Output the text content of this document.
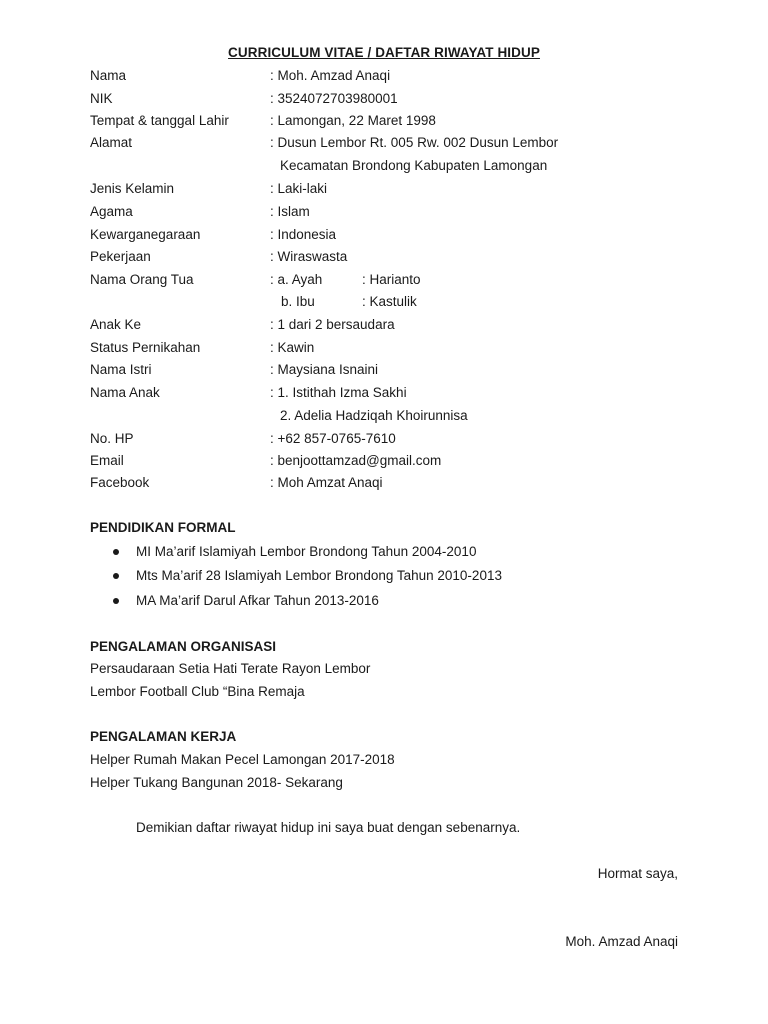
CURRICULUM VITAE / DAFTAR RIWAYAT HIDUP
Nama	: Moh. Amzad Anaqi
NIK	: 3524072703980001
Tempat & tanggal Lahir	: Lamongan, 22 Maret 1998
Alamat	: Dusun Lembor Rt. 005 Rw. 002 Dusun Lembor
Kecamatan Brondong Kabupaten Lamongan
Jenis Kelamin	: Laki-laki
Agama	: Islam
Kewarganegaraan	: Indonesia
Pekerjaan	: Wiraswasta
Nama Orang Tua	: a. Ayah	: Harianto
b. Ibu	: Kastulik
Anak Ke	: 1 dari 2 bersaudara
Status Pernikahan	: Kawin
Nama Istri	: Maysiana Isnaini
Nama Anak	: 1. Istithah Izma Sakhi
2. Adelia Hadziqah Khoirunnisa
No. HP	: +62 857-0765-7610
Email	: benjoottamzad@gmail.com
Facebook	: Moh Amzat Anaqi
PENDIDIKAN FORMAL
MI Ma’arif Islamiyah Lembor Brondong Tahun 2004-2010
Mts Ma’arif 28 Islamiyah Lembor Brondong Tahun 2010-2013
MA Ma’arif Darul Afkar Tahun 2013-2016
PENGALAMAN ORGANISASI
Persaudaraan Setia Hati Terate Rayon Lembor
Lembor Football Club “Bina Remaja
PENGALAMAN KERJA
Helper Rumah Makan Pecel Lamongan 2017-2018
Helper Tukang Bangunan 2018- Sekarang
Demikian daftar riwayat hidup ini saya buat dengan sebenarnya.
Hormat saya,
Moh. Amzad Anaqi
